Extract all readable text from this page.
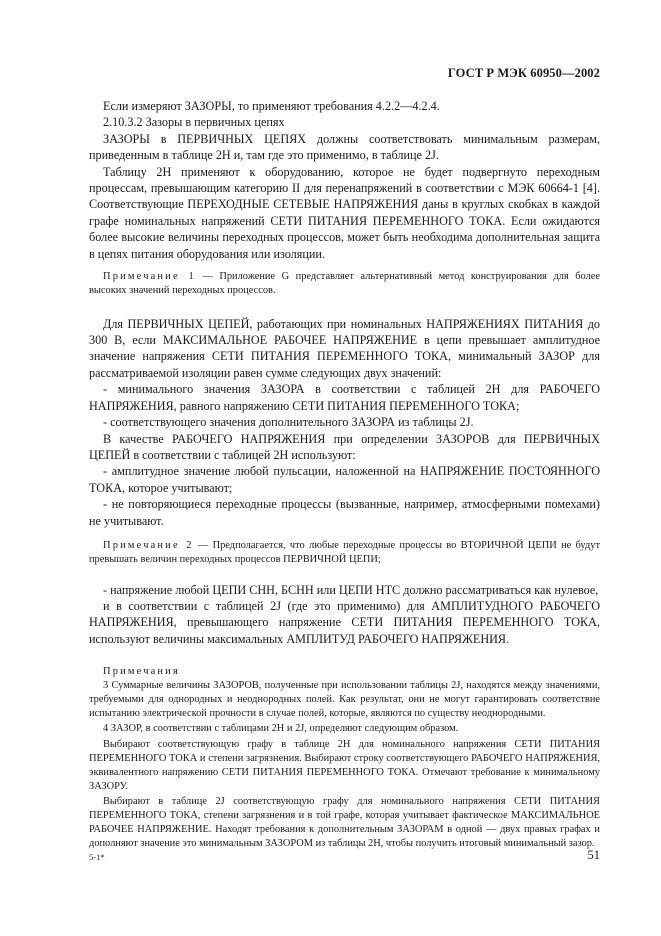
ГОСТ Р МЭК 60950—2002

Если измеряют ЗАЗОРЫ, то применяют требования 4.2.2—4.2.4.

2.10.3.2 Зазоры в первичных цепях

ЗАЗОРЫ в ПЕРВИЧНЫХ ЦЕПЯХ должны соответствовать минимальным размерам, приведенным в таблице 2H и, там где это применимо, в таблице 2J.

Таблицу 2H применяют к оборудованию, которое не будет подвергнуто переходным процессам, превышающим категорию II для перенапряжений в соответствии с МЭК 60664-1 [4]. Соответствующие ПЕРЕХОДНЫЕ СЕТЕВЫЕ НАПРЯЖЕНИЯ даны в круглых скобках в каждой графе номинальных напряжений СЕТИ ПИТАНИЯ ПЕРЕМЕННОГО ТОКА. Если ожидаются более высокие величины переходных процессов, может быть необходима дополнительная защита в цепях питания оборудования или изоляции.

Примечание 1 — Приложение G представляет альтернативный метод конструирования для более высоких значений переходных процессов.

Для ПЕРВИЧНЫХ ЦЕПЕЙ, работающих при номинальных НАПРЯЖЕНИЯХ ПИТАНИЯ до 300 В, если МАКСИМАЛЬНОЕ РАБОЧЕЕ НАПРЯЖЕНИЕ в цепи превышает амплитудное значение напряжения СЕТИ ПИТАНИЯ ПЕРЕМЕННОГО ТОКА, минимальный ЗАЗОР для рассматриваемой изоляции равен сумме следующих двух значений:

- минимального значения ЗАЗОРА в соответствии с таблицей 2H для РАБОЧЕГО НАПРЯЖЕНИЯ, равного напряжению СЕТИ ПИТАНИЯ ПЕРЕМЕННОГО ТОКА;

- соответствующего значения дополнительного ЗАЗОРА из таблицы 2J.

В качестве РАБОЧЕГО НАПРЯЖЕНИЯ при определении ЗАЗОРОВ для ПЕРВИЧНЫХ ЦЕПЕЙ в соответствии с таблицей 2H используют:

- амплитудное значение любой пульсации, наложенной на НАПРЯЖЕНИЕ ПОСТОЯННОГО ТОКА, которое учитывают;

- не повторяющиеся переходные процессы (вызванные, например, атмосферными помехами) не учитывают.

Примечание 2 — Предполагается, что любые переходные процессы во ВТОРИЧНОЙ ЦЕПИ не будут превышать величин переходных процессов ПЕРВИЧНОЙ ЦЕПИ;

- напряжение любой ЦЕПИ СНН, БСНН или ЦЕПИ НТС должно рассматриваться как нулевое,

и в соответствии с таблицей 2J (где это применимо) для АМПЛИТУДНОГО РАБОЧЕГО НАПРЯЖЕНИЯ, превышающего напряжение СЕТИ ПИТАНИЯ ПЕРЕМЕННОГО ТОКА, используют величины максимальных АМПЛИТУД РАБОЧЕГО НАПРЯЖЕНИЯ.

Примечания

3 Суммарные величины ЗАЗОРОВ, полученные при использовании таблицы 2J, находятся между значениями, требуемыми для однородных и неоднородных полей. Как результат, они не могут гарантировать соответствие испытанию электрической прочности в случае полей, которые, являются по существу неоднородными.

4 ЗАЗОР, в соответствии с таблицами 2H и 2J, определяют следующим образом.

Выбирают соответствующую графу в таблице 2H для номинального напряжения СЕТИ ПИТАНИЯ ПЕРЕМЕННОГО ТОКА и степени загрязнения. Выбирают строку соответствующего РАБОЧЕГО НАПРЯЖЕНИЯ, эквивалентного напряжению СЕТИ ПИТАНИЯ ПЕРЕМЕННОГО ТОКА. Отмечают требование к минимальному ЗАЗОРУ.

Выбирают в таблице 2J соответствующую графу для номинального напряжения СЕТИ ПИТАНИЯ ПЕРЕМЕННОГО ТОКА, степени загрязнения и в той графе, которая учитывает фактическое МАКСИМАЛЬНОЕ РАБОЧЕЕ НАПРЯЖЕНИЕ. Находят требования к дополнительным ЗАЗОРАМ в одной — двух правых графах и дополняют значение это минимальным ЗАЗОРОМ из таблицы 2H, чтобы получить итоговый минимальный зазор.

5-1*	51
